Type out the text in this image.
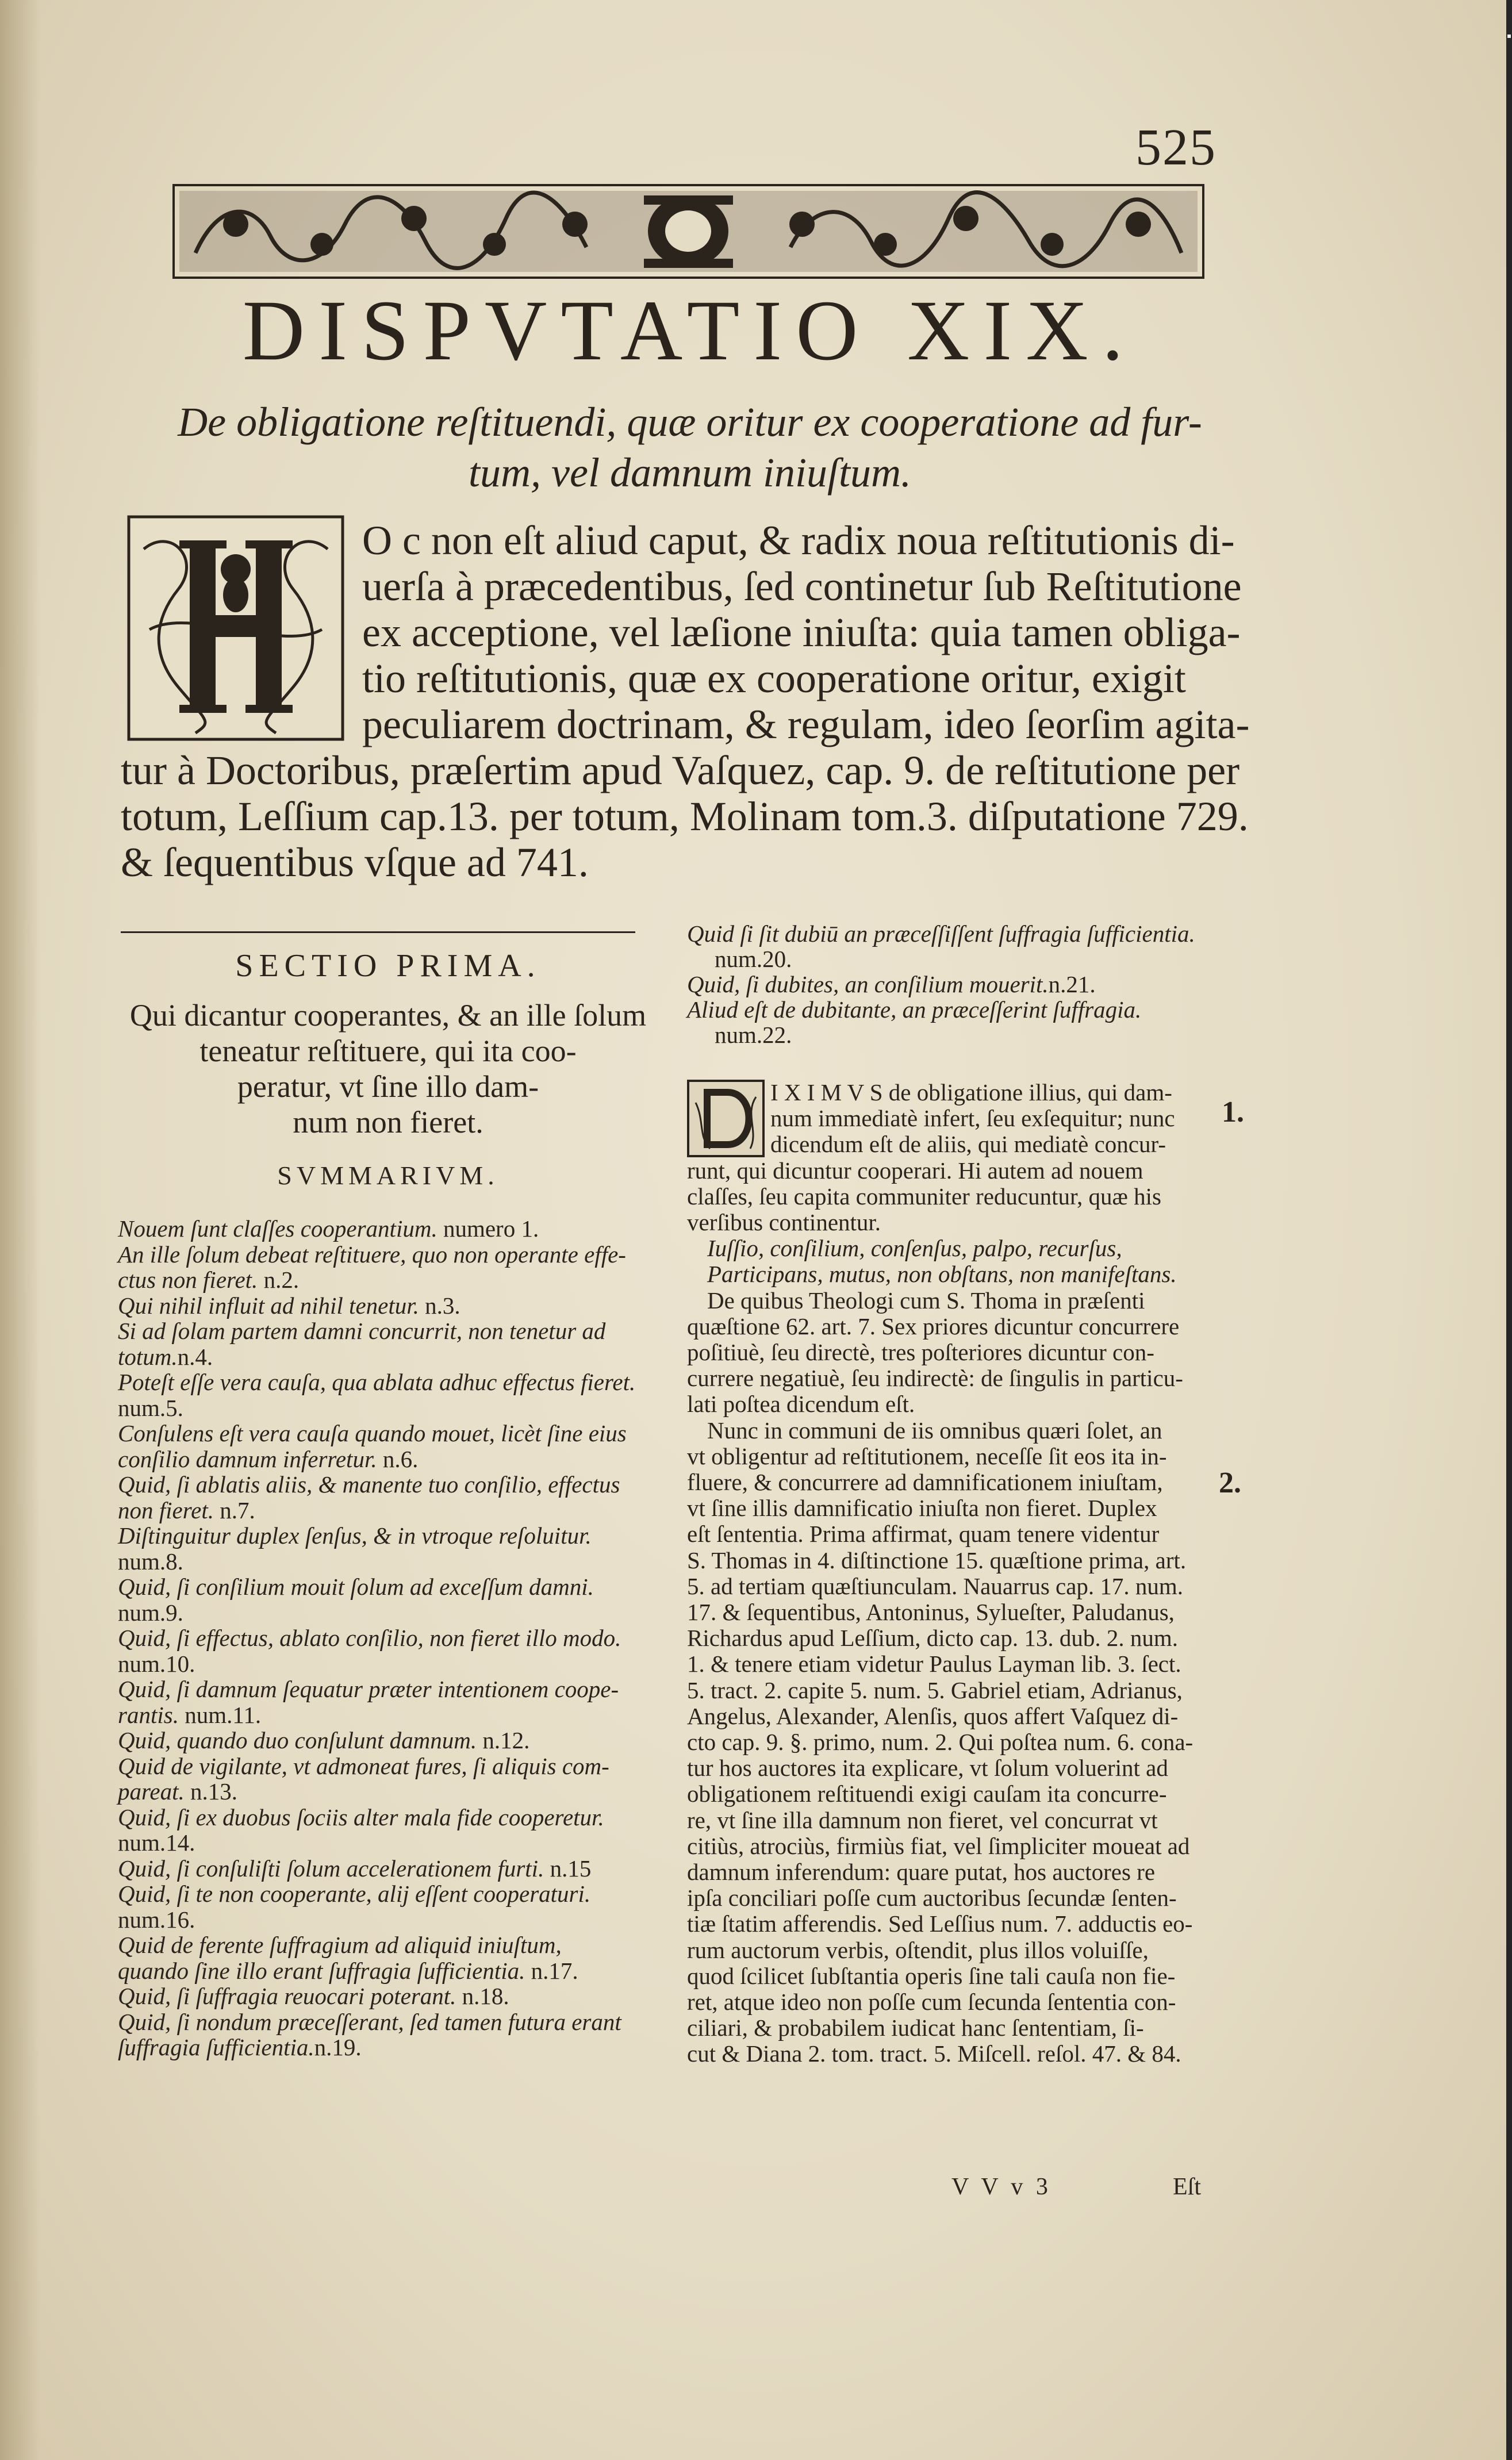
525
DISPVTATIO XIX.
De obligatione reſtituendi, quæ oritur ex cooperatione ad fur-
tum, vel damnum iniuſtum.
O c non eſt aliud caput, & radix noua reſtitutionis di-
uerſa à præcedentibus, ſed continetur ſub Reſtitutione
ex acceptione, vel læſione iniuſta: quia tamen obliga-
tio reſtitutionis, quæ ex cooperatione oritur, exigit
peculiarem doctrinam, & regulam, ideo ſeorſim agita-
tur à Doctoribus, præſertim apud Vaſquez, cap. 9. de reſtitutione per
totum, Leſſium cap.13. per totum, Molinam tom.3. diſputatione 729.
& ſequentibus vſque ad 741.
SECTIO PRIMA.
Qui dicantur cooperantes, & an ille ſolum
teneatur reſtituere, qui ita coo-
peratur, vt ſine illo dam-
num non fieret.
SVMMARIVM.
Nouem ſunt claſſes cooperantium. numero 1.
An ille ſolum debeat reſtituere, quo non operante effe-
ctus non fieret. n.2.
Qui nihil influit ad nihil tenetur. n.3.
Si ad ſolam partem damni concurrit, non tenetur ad
totum.n.4.
Poteſt eſſe vera cauſa, qua ablata adhuc effectus fieret.
num.5.
Conſulens eſt vera cauſa quando mouet, licèt ſine eius
conſilio damnum inferretur. n.6.
Quid, ſi ablatis aliis, & manente tuo conſilio, effectus
non fieret. n.7.
Diſtinguitur duplex ſenſus, & in vtroque reſoluitur.
num.8.
Quid, ſi conſilium mouit ſolum ad exceſſum damni.
num.9.
Quid, ſi effectus, ablato conſilio, non fieret illo modo.
num.10.
Quid, ſi damnum ſequatur præter intentionem coope-
rantis. num.11.
Quid, quando duo conſulunt damnum. n.12.
Quid de vigilante, vt admoneat fures, ſi aliquis com-
pareat. n.13.
Quid, ſi ex duobus ſociis alter mala fide cooperetur.
num.14.
Quid, ſi conſuliſti ſolum accelerationem furti. n.15
Quid, ſi te non cooperante, alij eſſent cooperaturi.
num.16.
Quid de ferente ſuffragium ad aliquid iniuſtum,
quando ſine illo erant ſuffragia ſufficientia. n.17.
Quid, ſi ſuffragia reuocari poterant. n.18.
Quid, ſi nondum præceſſerant, ſed tamen futura erant
ſuffragia ſufficientia.n.19.
Quid ſi ſit dubiū an præceſſiſſent ſuffragia ſufficientia.
num.20.
Quid, ſi dubites, an conſilium mouerit.n.21.
Aliud eſt de dubitante, an præceſſerint ſuffragia.
num.22.
I X I M V S de obligatione illius, qui dam-
num immediatè infert, ſeu exſequitur; nunc
dicendum eſt de aliis, qui mediatè concur-
runt, qui dicuntur cooperari. Hi autem ad nouem
claſſes, ſeu capita communiter reducuntur, quæ his
verſibus continentur.
Iuſſio, conſilium, conſenſus, palpo, recurſus,
Participans, mutus, non obſtans, non manifeſtans.
De quibus Theologi cum S. Thoma in præſenti
quæſtione 62. art. 7. Sex priores dicuntur concurrere
poſitiuè, ſeu directè, tres poſteriores dicuntur con-
currere negatiuè, ſeu indirectè: de ſingulis in particu-
lati poſtea dicendum eſt.
Nunc in communi de iis omnibus quæri ſolet, an
vt obligentur ad reſtitutionem, neceſſe ſit eos ita in-
fluere, & concurrere ad damnificationem iniuſtam,
vt ſine illis damnificatio iniuſta non fieret. Duplex
eſt ſententia. Prima affirmat, quam tenere videntur
S. Thomas in 4. diſtinctione 15. quæſtione prima, art.
5. ad tertiam quæſtiunculam. Nauarrus cap. 17. num.
17. & ſequentibus, Antoninus, Sylueſter, Paludanus,
Richardus apud Leſſium, dicto cap. 13. dub. 2. num.
1. & tenere etiam videtur Paulus Layman lib. 3. ſect.
5. tract. 2. capite 5. num. 5. Gabriel etiam, Adrianus,
Angelus, Alexander, Alenſis, quos affert Vaſquez di-
cto cap. 9. §. primo, num. 2. Qui poſtea num. 6. cona-
tur hos auctores ita explicare, vt ſolum voluerint ad
obligationem reſtituendi exigi cauſam ita concurre-
re, vt ſine illa damnum non fieret, vel concurrat vt
citiùs, atrociùs, firmiùs fiat, vel ſimpliciter moueat ad
damnum inferendum: quare putat, hos auctores re
ipſa conciliari poſſe cum auctoribus ſecundæ ſenten-
tiæ ſtatim afferendis. Sed Leſſius num. 7. adductis eo-
rum auctorum verbis, oſtendit, plus illos voluiſſe,
quod ſcilicet ſubſtantia operis ſine tali cauſa non fie-
ret, atque ideo non poſſe cum ſecunda ſententia con-
ciliari, & probabilem iudicat hanc ſententiam, ſi-
cut & Diana 2. tom. tract. 5. Miſcell. reſol. 47. & 84.
1.
2.
V V v 3	Eſt
